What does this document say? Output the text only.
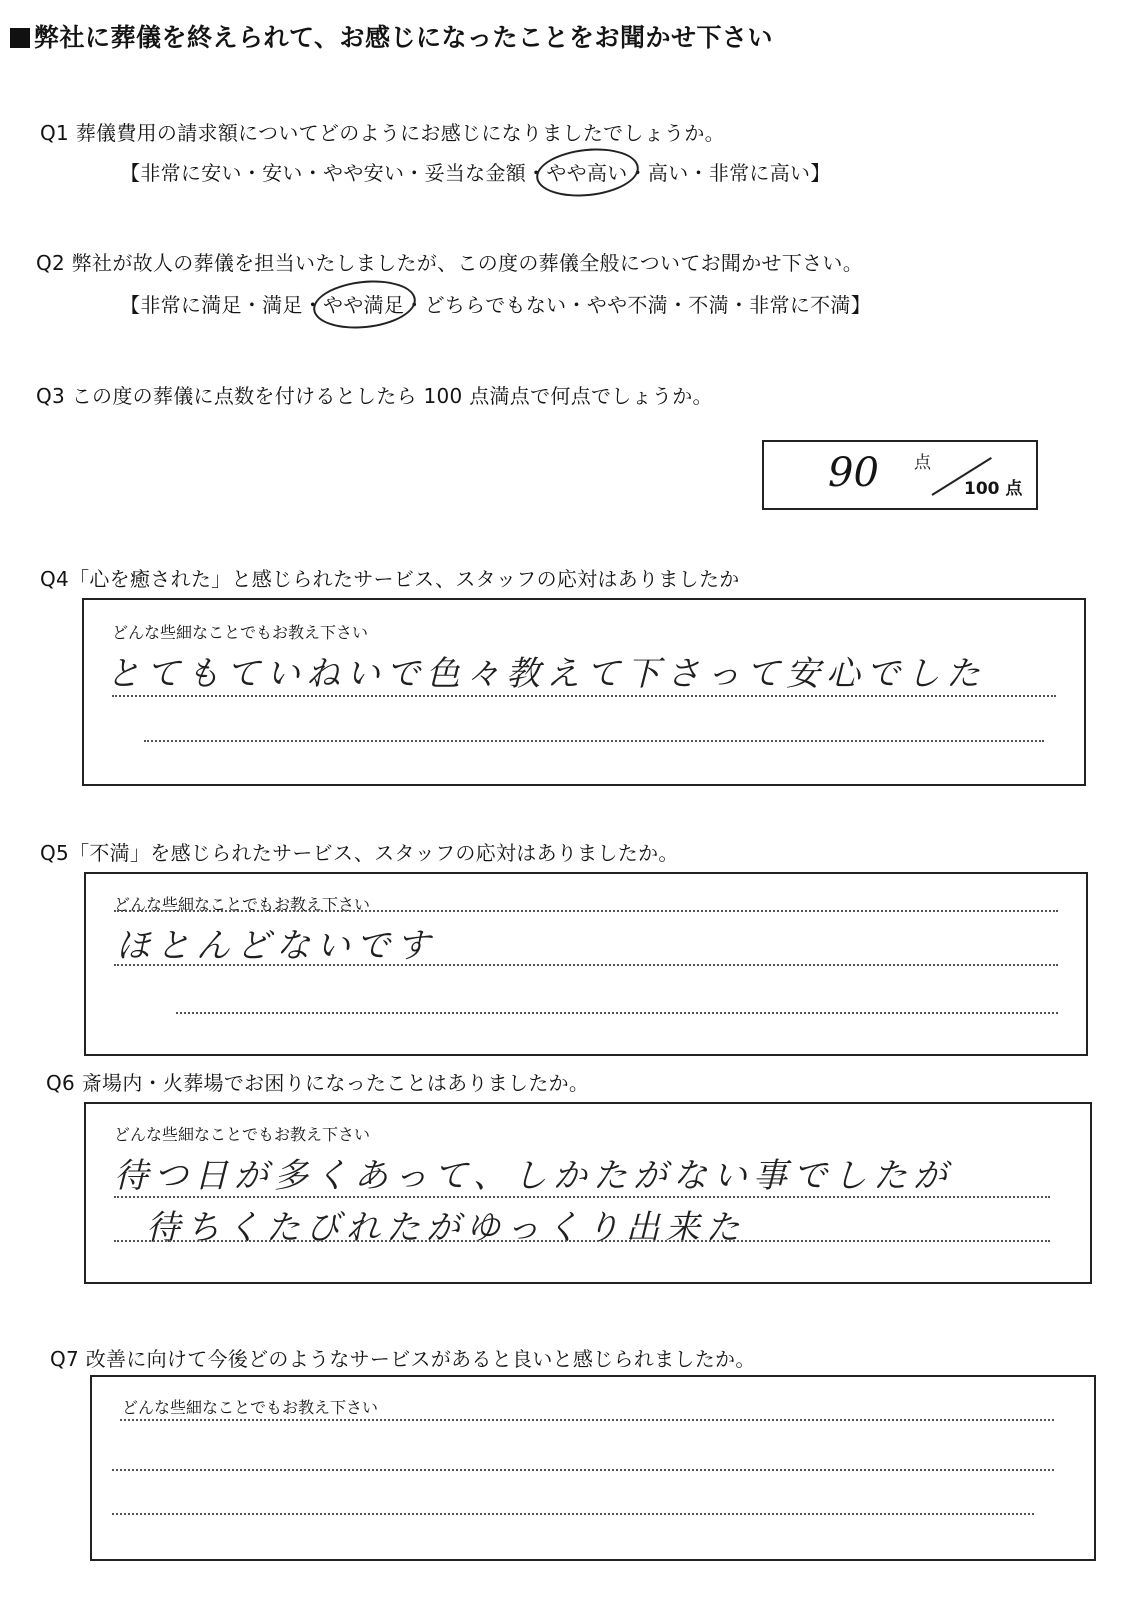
弊社に葬儀を終えられて、お感じになったことをお聞かせ下さい
Q1 葬儀費用の請求額についてどのようにお感じになりましたでしょうか。
【非常に安い・安い・やや安い・妥当な金額・やや高い・高い・非常に高い】
Q2 弊社が故人の葬儀を担当いたしましたが、この度の葬儀全般についてお聞かせ下さい。
【非常に満足・満足・やや満足・どちらでもない・やや不満・不満・非常に不満】
Q3 この度の葬儀に点数を付けるとしたら 100 点満点で何点でしょうか。
90 点
100 点
Q4「心を癒された」と感じられたサービス、スタッフの応対はありましたか
どんな些細なことでもお教え下さい
とてもていねいで色々教えて下さって安心でした
Q5「不満」を感じられたサービス、スタッフの応対はありましたか。
どんな些細なことでもお教え下さい
ほとんどないです
Q6 斎場内・火葬場でお困りになったことはありましたか。
どんな些細なことでもお教え下さい
待つ日が多くあって、しかたがない事でしたが
待ちくたびれたがゆっくり出来た
Q7 改善に向けて今後どのようなサービスがあると良いと感じられましたか。
どんな些細なことでもお教え下さい
